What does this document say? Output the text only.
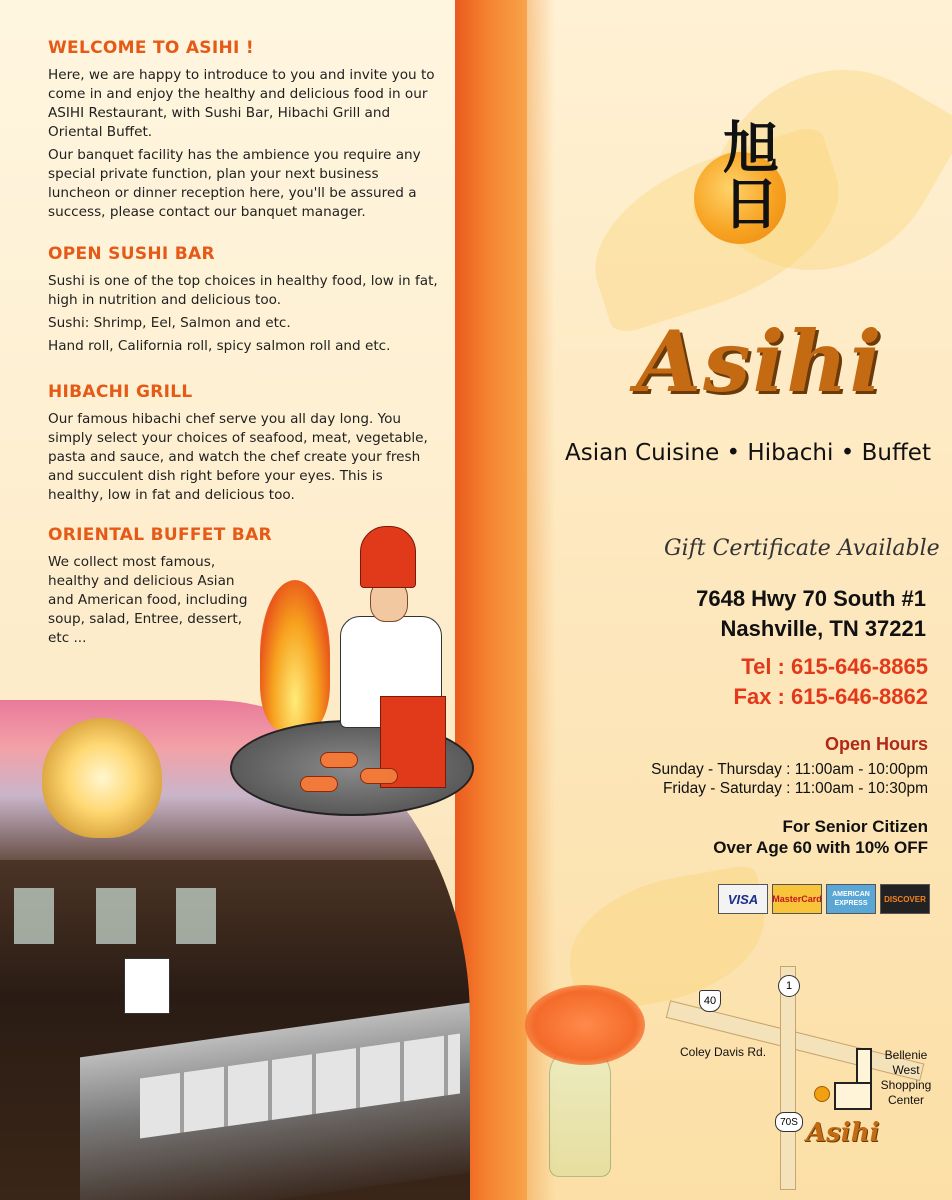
WELCOME TO ASIHI !

Here, we are happy to introduce to you and invite you to come in and enjoy the healthy and delicious food in our ASIHI Restaurant, with Sushi Bar, Hibachi Grill and Oriental Buffet.

Our banquet facility has the ambience you require any special private function, plan your next business luncheon or dinner reception here, you'll be assured a success, please contact our banquet manager.

OPEN SUSHI BAR

Sushi is one of the top choices in healthy food, low in fat, high in nutrition and delicious too.

Sushi: Shrimp, Eel, Salmon and etc.

Hand roll, California roll, spicy salmon roll and etc.

HIBACHI GRILL

Our famous hibachi chef serve you all day long. You simply select your choices of seafood, meat, vegetable, pasta and sauce, and watch the chef create your fresh and succulent dish right before your eyes. This is healthy, low in fat and delicious too.

ORIENTAL BUFFET BAR

We collect most famous, healthy and delicious Asian and American food, including soup, salad, Entree, dessert, etc ...

旭日
Asihi
Asian Cuisine • Hibachi • Buffet
Gift Certificate Available
7648 Hwy 70 South #1
Nashville, TN 37221
Tel : 615-646-8865
Fax : 615-646-8862
Open Hours
Sunday - Thursday : 11:00am - 10:00pm
Friday - Saturday : 11:00am - 10:30pm
For Senior Citizen
Over Age 60 with 10% OFF
VISA	MasterCard	AMERICAN EXPRESS	DISCOVER
40
1
70S
Coley Davis Rd.	Bellenie West Shopping Center
Asihi
